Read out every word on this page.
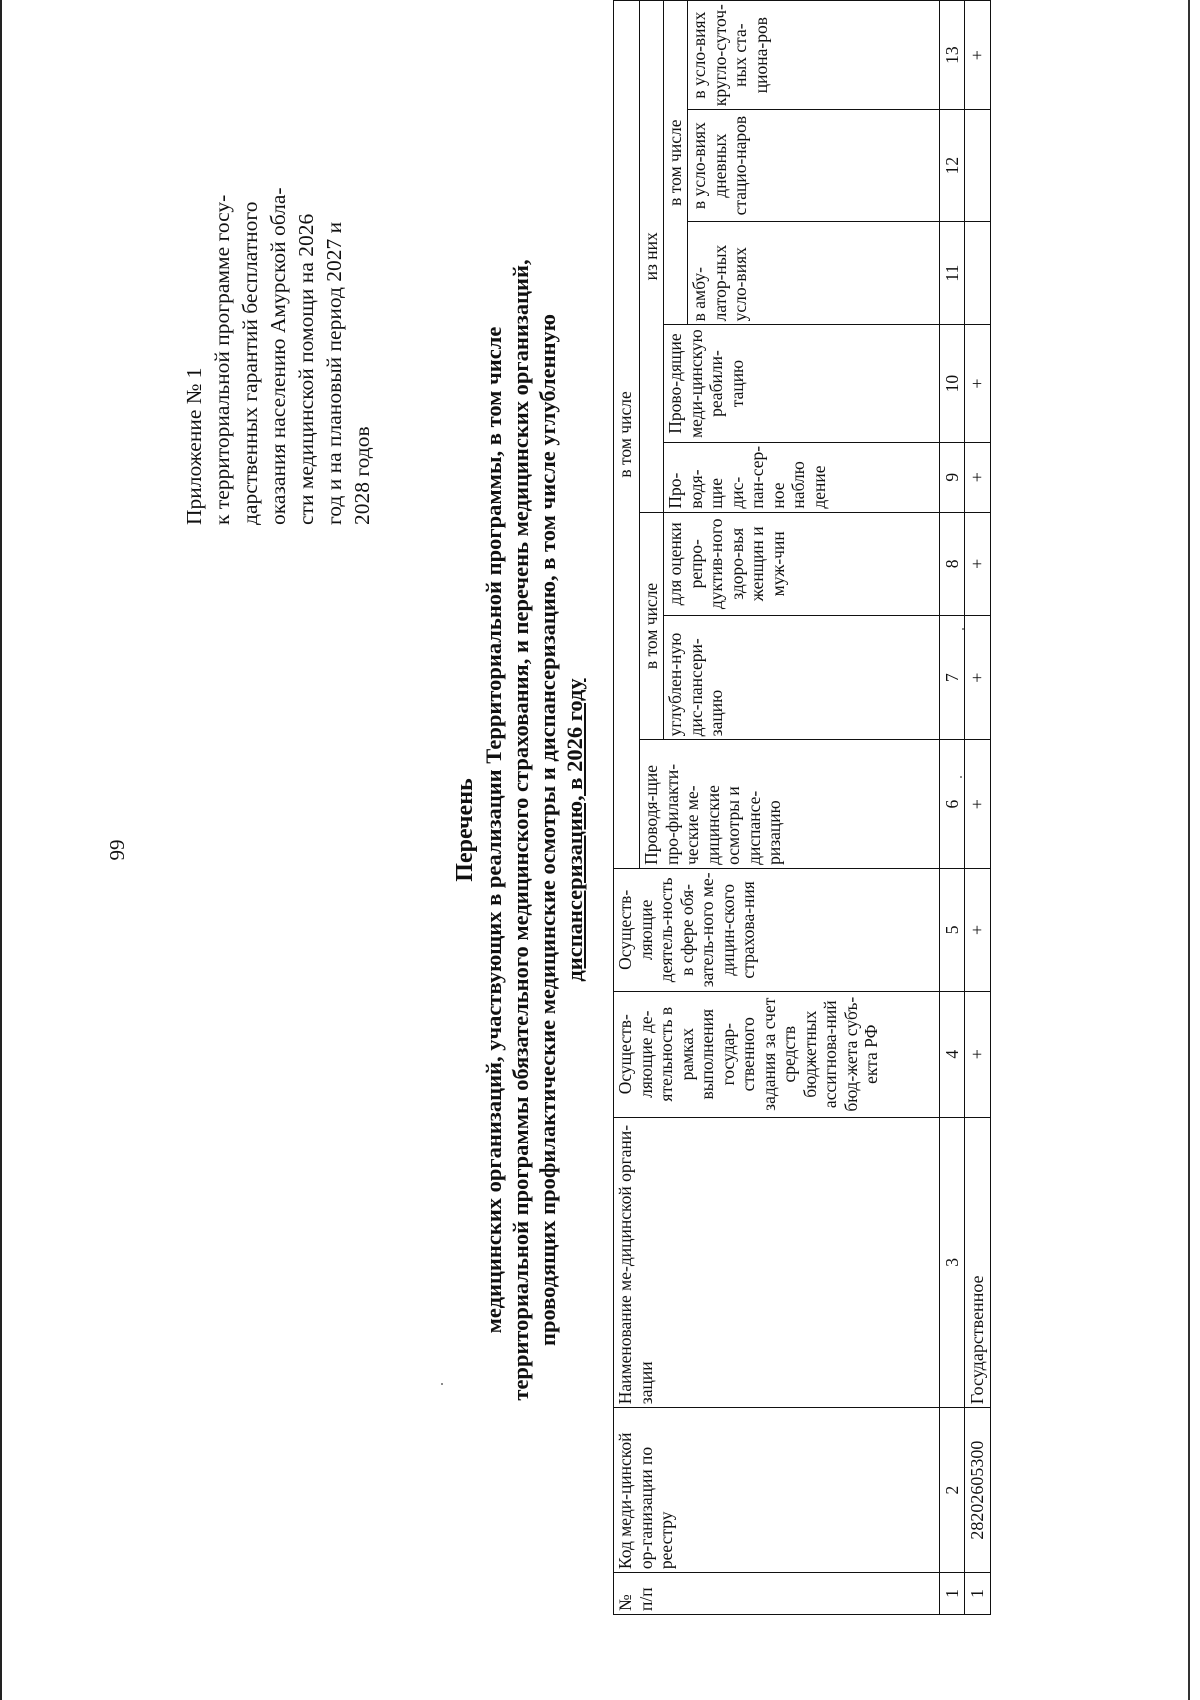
99
Приложение № 1 к территориальной программе госу- дарственных гарантий бесплатного оказания населению Амурской обла- сти медицинской помощи на 2026 год и на плановый период 2027 и 2028 годов
Перечень медицинских организаций, участвующих в реализации Территориальной программы, в том числе территориальной программы обязательного медицинского страхования, и перечень медицинских организаций, проводящих профилактические медицинские осмотры и диспансеризацию, в том числе углубленную диспансеризацию, в 2026 году
№ п/п	Код меди-цинской ор-ганизации по реестру	Наименование ме-дицинской органи-зации	Осуществ-ляющие де-ятельность в рамках выполнения государ-ственного задания за счет средств бюджетных ассигнова-ний бюд-жета субъ-екта РФ	Осуществ-ляющие деятель-ность в сфере обя-затель-ного ме-дицин-ского страхова-ния	в том числе							
					Проводя-щие про-филакти-ческие ме-дицинские осмотры и диспансе-ризацию	в том числе		из них				
						углублен-ную дис-пансери-зацию	для оценки репро-дуктив-ного здоро-вья женщин и муж-чин	Про-водя-щие дис-пан-сер-ное наблю дение	Прово-дящие меди-цинскую реабили-тацию	в том числе		
										в амбу-латор-ных усло-виях	в усло-виях дневных стацио-наров	в усло-виях кругло-суточ-ных ста-циона-ров
1	2	3	4	5	6	7	8	9	10	11	12	13
1	282026053​00	Государственное	+	+	+	+	+	+	+			+
